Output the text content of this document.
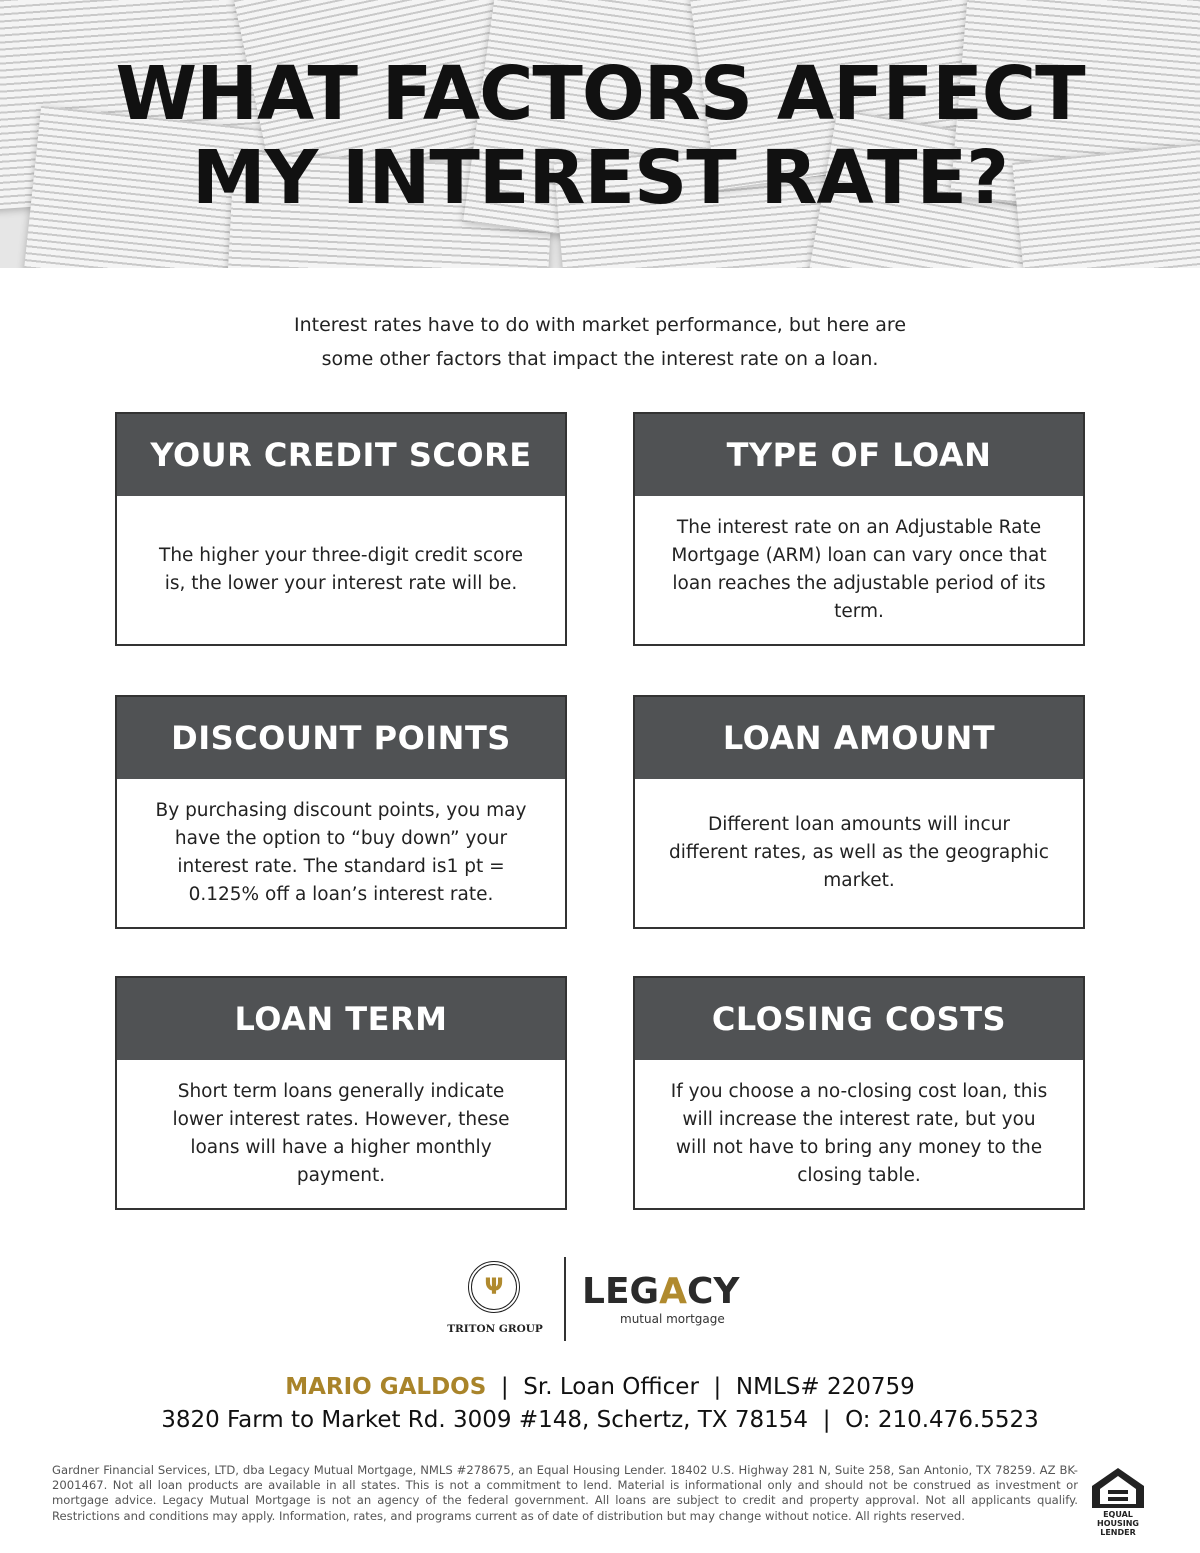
WHAT FACTORS AFFECT
MY INTEREST RATE?
Interest rates have to do with market performance, but here are
some other factors that impact the interest rate on a loan.
YOUR CREDIT SCORE
The higher your three-digit credit score is, the lower your interest rate will be.
TYPE OF LOAN
The interest rate on an Adjustable Rate Mortgage (ARM) loan can vary once that loan reaches the adjustable period of its term.
DISCOUNT POINTS
By purchasing discount points, you may have the option to “buy down” your interest rate. The standard is1 pt = 0.125% off a loan’s interest rate.
LOAN AMOUNT
Different loan amounts will incur different rates, as well as the geographic market.
LOAN TERM
Short term loans generally indicate lower interest rates. However, these loans will have a higher monthly payment.
CLOSING COSTS
If you choose a no-closing cost loan, this will increase the interest rate, but you will not have to bring any money to the closing table.
Ψ
TRITON GROUP
LEGACY
mutual mortgage
MARIO GALDOS | Sr. Loan Officer | NMLS# 220759
3820 Farm to Market Rd. 3009 #148, Schertz, TX 78154 | O: 210.476.5523
Gardner Financial Services, LTD, dba Legacy Mutual Mortgage, NMLS #278675, an Equal Housing Lender. 18402 U.S. Highway 281 N, Suite 258, San Antonio, TX 78259. AZ BK-2001467. Not all loan products are available in all states. This is not a commitment to lend. Material is informational only and should not be construed as investment or mortgage advice. Legacy Mutual Mortgage is not an agency of the federal government. All loans are subject to credit and property approval. Not all applicants qualify. Restrictions and conditions may apply. Information, rates, and programs current as of date of distribution but may change without notice. All rights reserved.	EQUAL HOUSING
LENDER
